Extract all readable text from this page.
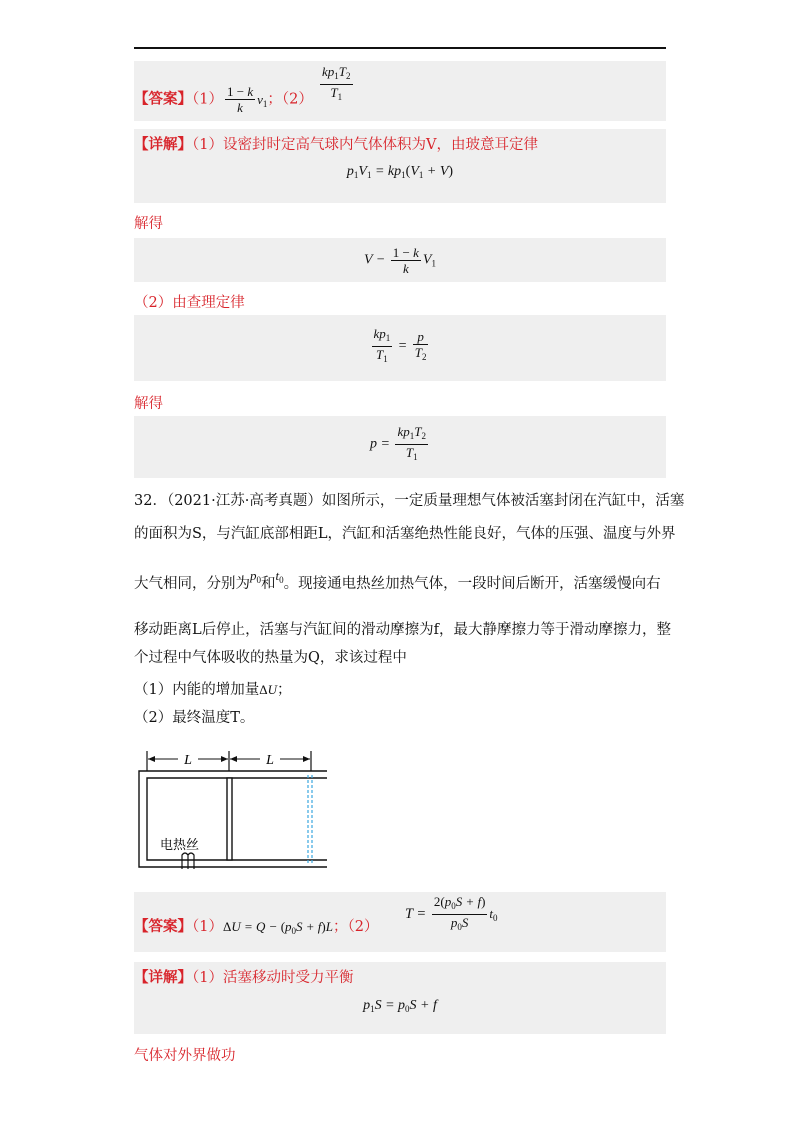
【答案】$(1) \frac{1 - k}{k} v_1$；$(2) \frac{kp_1T_2}{T_1}$
【详解】（1）设密封时定高气球内气体体积为V，由玻意耳定律
$p_1V_1 = kp_1(V_1 + V)$
解得
$V - \frac{1 - k}{k} V_1$
（2）由查理定律
$\frac{kp_1}{T_1} = \frac{p}{T_2}$
解得
$p = \frac{kp_1T_2}{T_1}$
32．（2021·江苏·高考真题）如图所示，一定质量理想气体被活塞封闭在汽缸中，活塞
的面积为S，与汽缸底部相距L，汽缸和活塞绝热性能良好，气体的压强、温度与外界
大气相同，分别为$p_0$和$t_0$。现接通电热丝加热气体，一段时间后断开，活塞缓慢向右
移动距离L后停止，活塞与汽缸间的滑动摩擦为f，最大静摩擦力等于滑动摩擦力，整
个过程中气体吸收的热量为Q，求该过程中
（1）内能的增加量ΔU；
（2）最终温度T。
L	L
电热丝
【答案】$(1)\Delta U = Q - (p_0S + f)L$；（2）
$T = \frac{2(p_0S + f)}{p_0S} t_0$
【详解】（1）活塞移动时受力平衡
$p_1S = p_0S + f$
气体对外界做功
